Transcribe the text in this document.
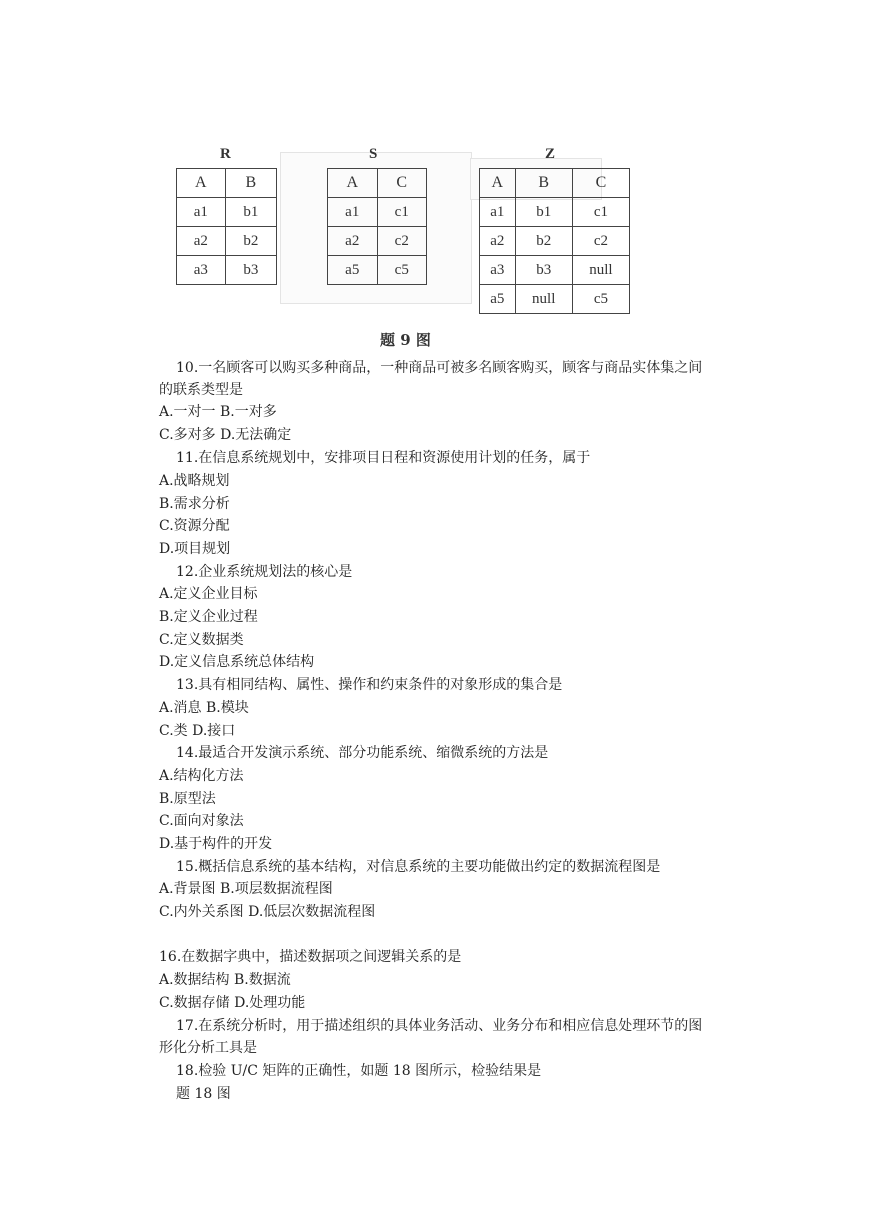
R
A	B
a1	b1
a2	b2
a3	b3
S
A	C
a1	c1
a2	c2
a5	c5
Z
A	B	C
a1	b1	c1
a2	b2	c2
a3	b3	null
a5	null	c5
题 9 图
10.一名顾客可以购买多种商品，一种商品可被多名顾客购买，顾客与商品实体集之间
的联系类型是
A.一对一 B.一对多
C.多对多 D.无法确定
11.在信息系统规划中，安排项目日程和资源使用计划的任务，属于
A.战略规划
B.需求分析
C.资源分配
D.项目规划
12.企业系统规划法的核心是
A.定义企业目标
B.定义企业过程
C.定义数据类
D.定义信息系统总体结构
13.具有相同结构、属性、操作和约束条件的对象形成的集合是
A.消息 B.模块
C.类 D.接口
14.最适合开发演示系统、部分功能系统、缩微系统的方法是
A.结构化方法
B.原型法
C.面向对象法
D.基于构件的开发
15.概括信息系统的基本结构，对信息系统的主要功能做出约定的数据流程图是
A.背景图 B.项层数据流程图
C.内外关系图 D.低层次数据流程图
16.在数据字典中，描述数据项之间逻辑关系的是
A.数据结构 B.数据流
C.数据存储 D.处理功能
17.在系统分析时，用于描述组织的具体业务活动、业务分布和相应信息处理环节的图
形化分析工具是
18.检验 U/C 矩阵的正确性，如题 18 图所示，检验结果是
题 18 图
